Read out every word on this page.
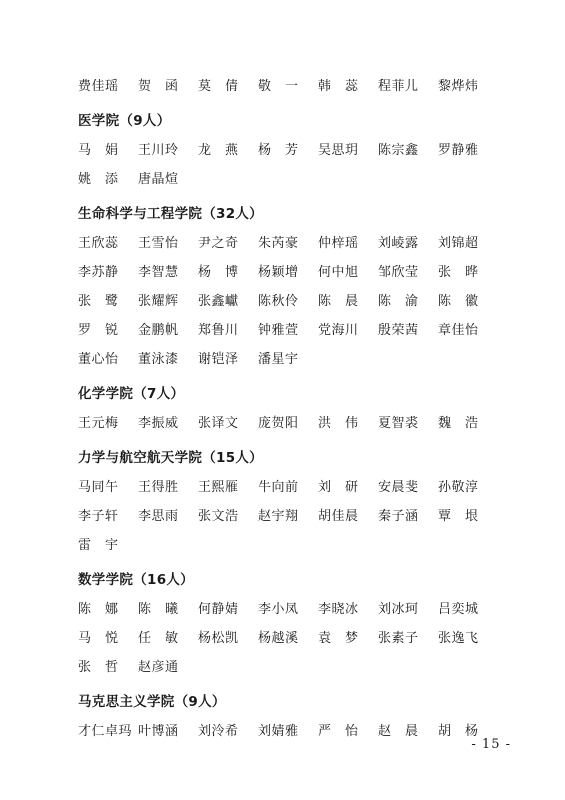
费佳瑶	贺　函	莫　倩	敬　一	韩　蕊	程菲儿	黎烨炜
医学院（9人）
马　娟	王川玲	龙　燕	杨　芳	吴思玥	陈宗鑫	罗静雅
姚　添	唐晶煊
生命科学与工程学院（32人）
王欣蕊	王雪怡	尹之奇	朱芮豪	仲梓瑶	刘崚露	刘锦超
李苏静	李智慧	杨　博	杨颖增	何中旭	邹欣莹	张　晔
张　鹭	张耀辉	张鑫巘	陈秋伶	陈　晨	陈　渝	陈　徽
罗　锐	金鹏帆	郑鲁川	钟雅萱	党海川	殷荣茜	章佳怡
董心怡	董泳漆	谢铠泽	潘星宇
化学学院（7人）
王元梅	李振威	张译文	庞贺阳	洪　伟	夏智裘	魏　浩
力学与航空航天学院（15人）
马同午	王得胜	王熙雁	牛向前	刘　研	安晨斐	孙敬淳
李子轩	李思雨	张文浩	赵宇翔	胡佳晨	秦子涵	覃　垠
雷　宇
数学学院（16人）
陈　娜	陈　曦	何静婧	李小凤	李晓冰	刘冰珂	吕奕城
马　悦	任　敏	杨松凯	杨越溪	袁　梦	张素子	张逸飞
张　哲	赵彦通
马克思主义学院（9人）
才仁卓玛 叶博涵	刘泠希	刘婧雅	严　怡	赵　晨	胡　杨
- 15 -
